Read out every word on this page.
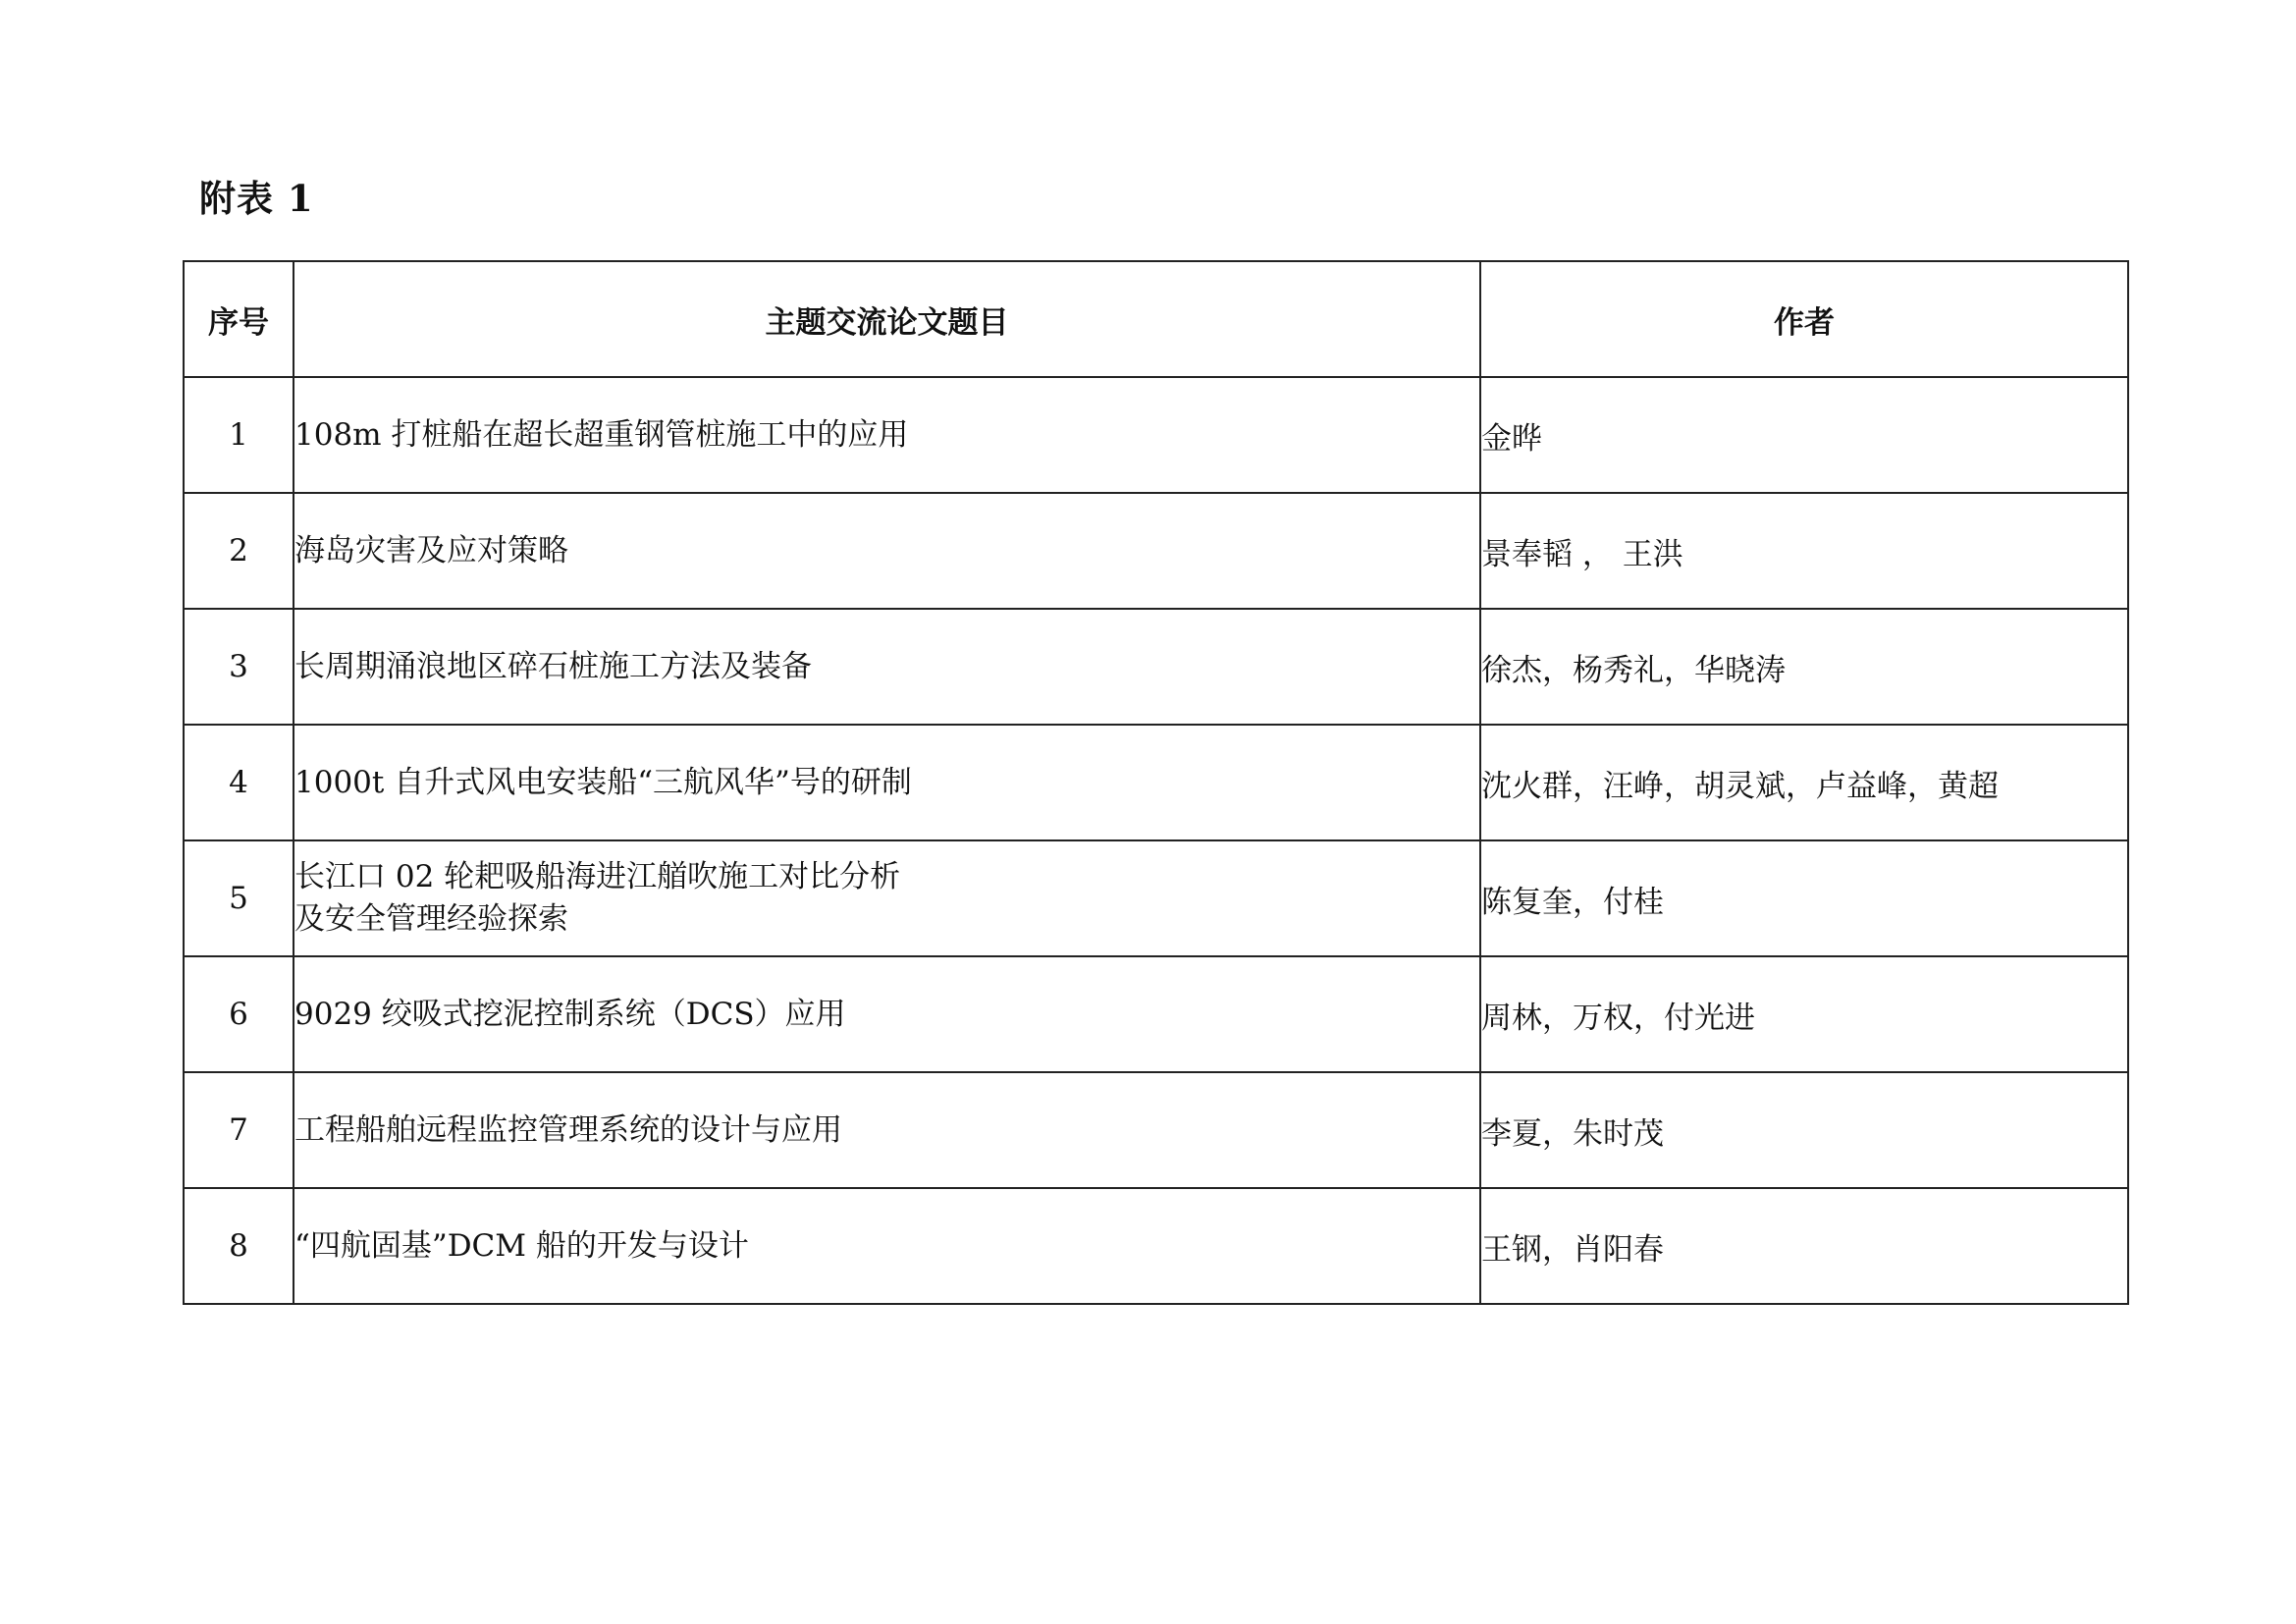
附表 1
序号	主题交流论文题目	作者
1	108m 打桩船在超长超重钢管桩施工中的应用	金晔
2	海岛灾害及应对策略	景奉韬 ， 王洪
3	长周期涌浪地区碎石桩施工方法及装备	徐杰，杨秀礼，华晓涛
4	1000t 自升式风电安装船“三航风华”号的研制	沈火群，汪峥，胡灵斌，卢益峰，黄超
5	长江口 02 轮耙吸船海进江艏吹施工对比分析
及安全管理经验探索	陈复奎，付桂
6	9029 绞吸式挖泥控制系统（DCS）应用	周林，万权，付光进
7	工程船舶远程监控管理系统的设计与应用	李夏，朱时茂
8	“四航固基”DCM 船的开发与设计	王钢，肖阳春
